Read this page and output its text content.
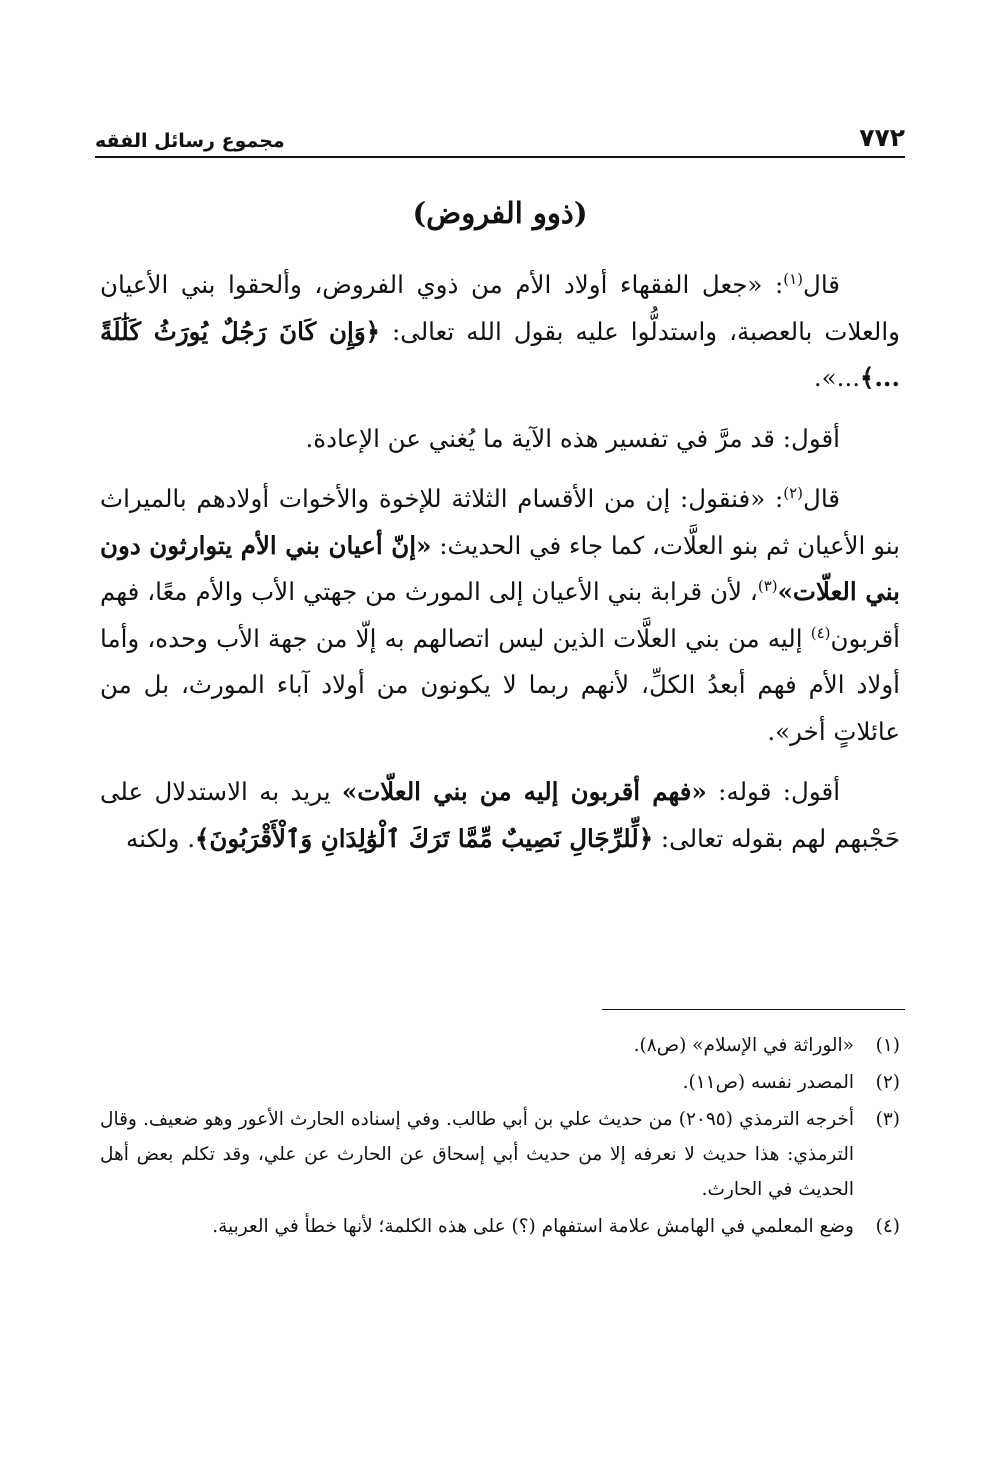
٧٧٢
مجموع رسائل الفقه
(ذوو الفروض)

قال$^{(١)}$: «جعل الفقهاء أولاد الأم من ذوي الفروض، وألحقوا بني الأعيان والعلات بالعصبة، واستدلُّوا عليه بقول الله تعالى: ﴿وَإِن كَانَ رَجُلٌ يُورَثُ كَلَٰلَةً ...﴾...».

أقول: قد مرَّ في تفسير هذه الآية ما يُغني عن الإعادة.

قال$^{(٢)}$: «فنقول: إن من الأقسام الثلاثة للإخوة والأخوات أولادهم بالميراث بنو الأعيان ثم بنو العلَّات، كما جاء في الحديث: «إنّ أعيان بني الأم يتوارثون دون بني العلّات»$^{(٣)}$، لأن قرابة بني الأعيان إلى المورث من جهتي الأب والأم معًا، فهم أقربون$^{(٤)}$ إليه من بني العلَّات الذين ليس اتصالهم به إلّا من جهة الأب وحده، وأما أولاد الأم فهم أبعدُ الكلِّ، لأنهم ربما لا يكونون من أولاد آباء المورث، بل من عائلاتٍ أخر».

أقول: قوله: «فهم أقربون إليه من بني العلّات» يريد به الاستدلال على حَجْبهم لهم بقوله تعالى: ﴿لِّلرِّجَالِ نَصِيبٌ مِّمَّا تَرَكَ ٱلْوَٰلِدَانِ وَٱلْأَقْرَبُونَ﴾. ولكنه

(١)
«الوراثة في الإسلام» (ص٨).
(٢)
المصدر نفسه (ص١١).
(٣)
أخرجه الترمذي (٢٠٩٥) من حديث علي بن أبي طالب. وفي إسناده الحارث الأعور وهو ضعيف. وقال الترمذي: هذا حديث لا نعرفه إلا من حديث أبي إسحاق عن الحارث عن علي، وقد تكلم بعض أهل الحديث في الحارث.
(٤)
وضع المعلمي في الهامش علامة استفهام (؟) على هذه الكلمة؛ لأنها خطأ في العربية.
